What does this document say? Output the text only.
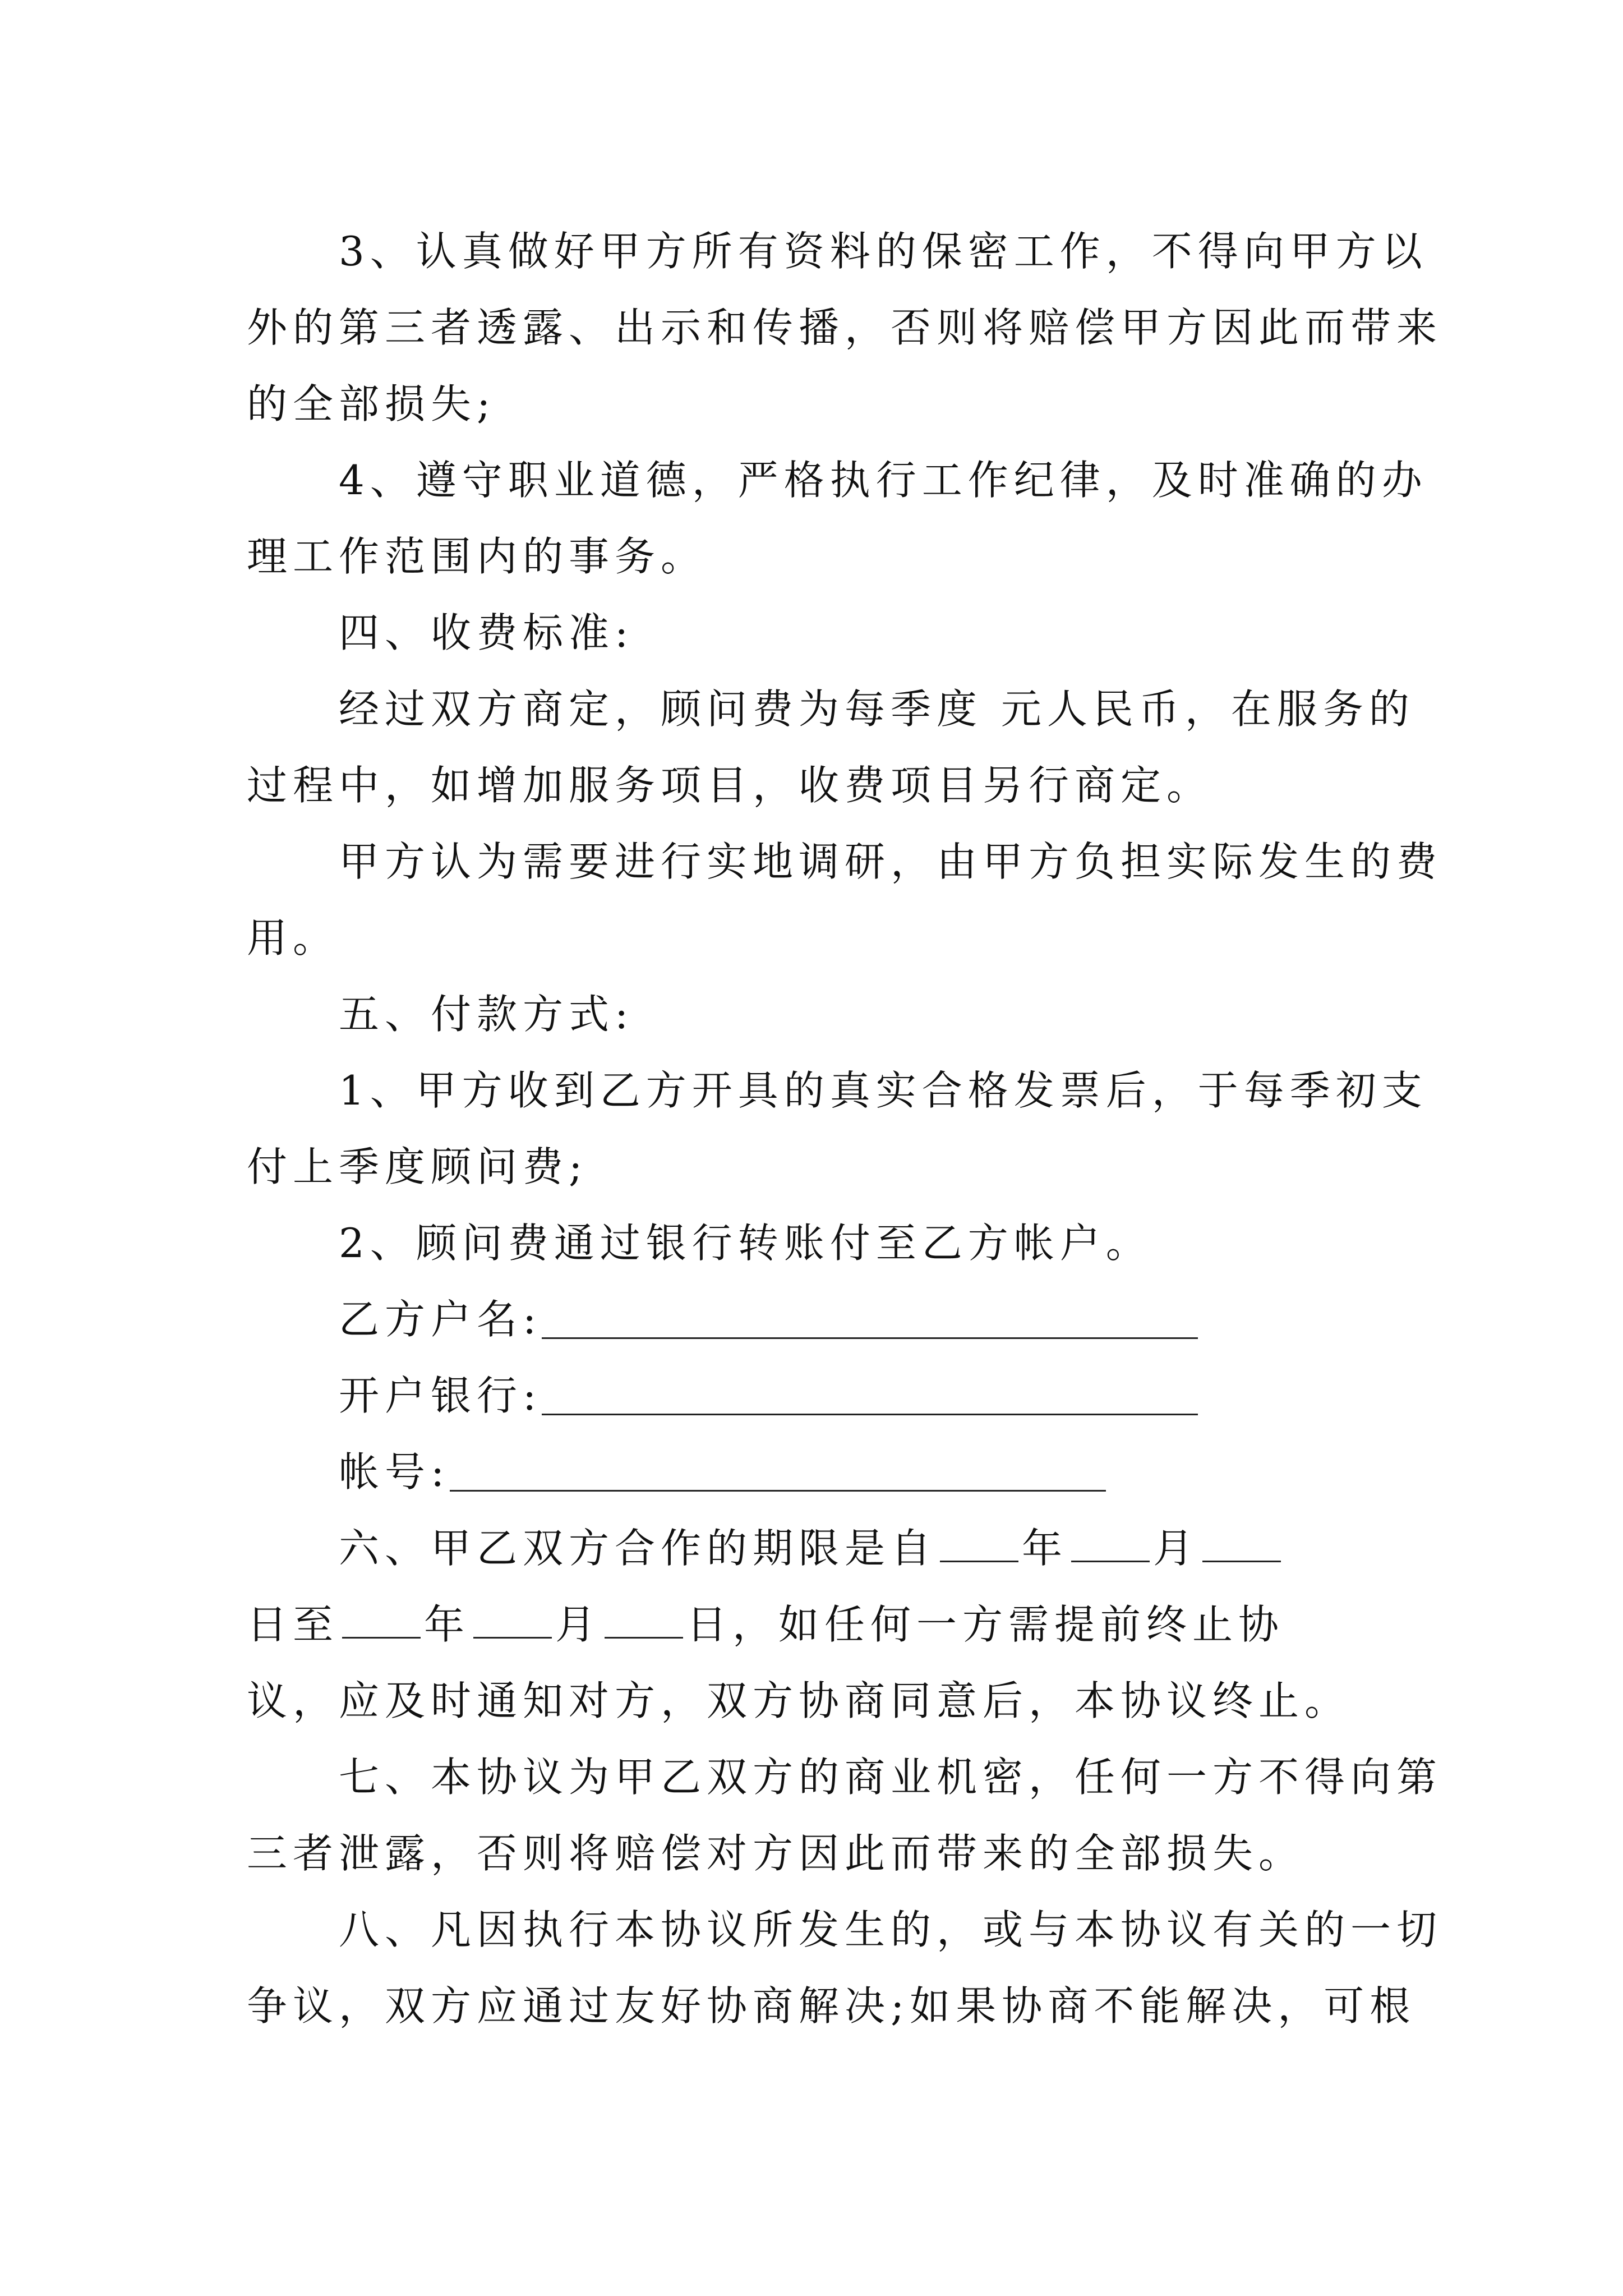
3、认真做好甲方所有资料的保密工作，不得向甲方以
外的第三者透露、出示和传播，否则将赔偿甲方因此而带来
的全部损失;
4、遵守职业道德，严格执行工作纪律，及时准确的办
理工作范围内的事务。
四、收费标准:
经过双方商定，顾问费为每季度 元人民币，在服务的
过程中，如增加服务项目，收费项目另行商定。
甲方认为需要进行实地调研，由甲方负担实际发生的费
用。
五、付款方式:
1、甲方收到乙方开具的真实合格发票后，于每季初支
付上季度顾问费;
2、顾问费通过银行转账付至乙方帐户。
乙方户名:
开户银行:
帐号:
六、甲乙双方合作的期限是自 年 月
日至 年 月 日，如任何一方需提前终止协
议，应及时通知对方，双方协商同意后，本协议终止。
七、本协议为甲乙双方的商业机密，任何一方不得向第
三者泄露，否则将赔偿对方因此而带来的全部损失。
八、凡因执行本协议所发生的，或与本协议有关的一切
争议，双方应通过友好协商解决;如果协商不能解决，可根
